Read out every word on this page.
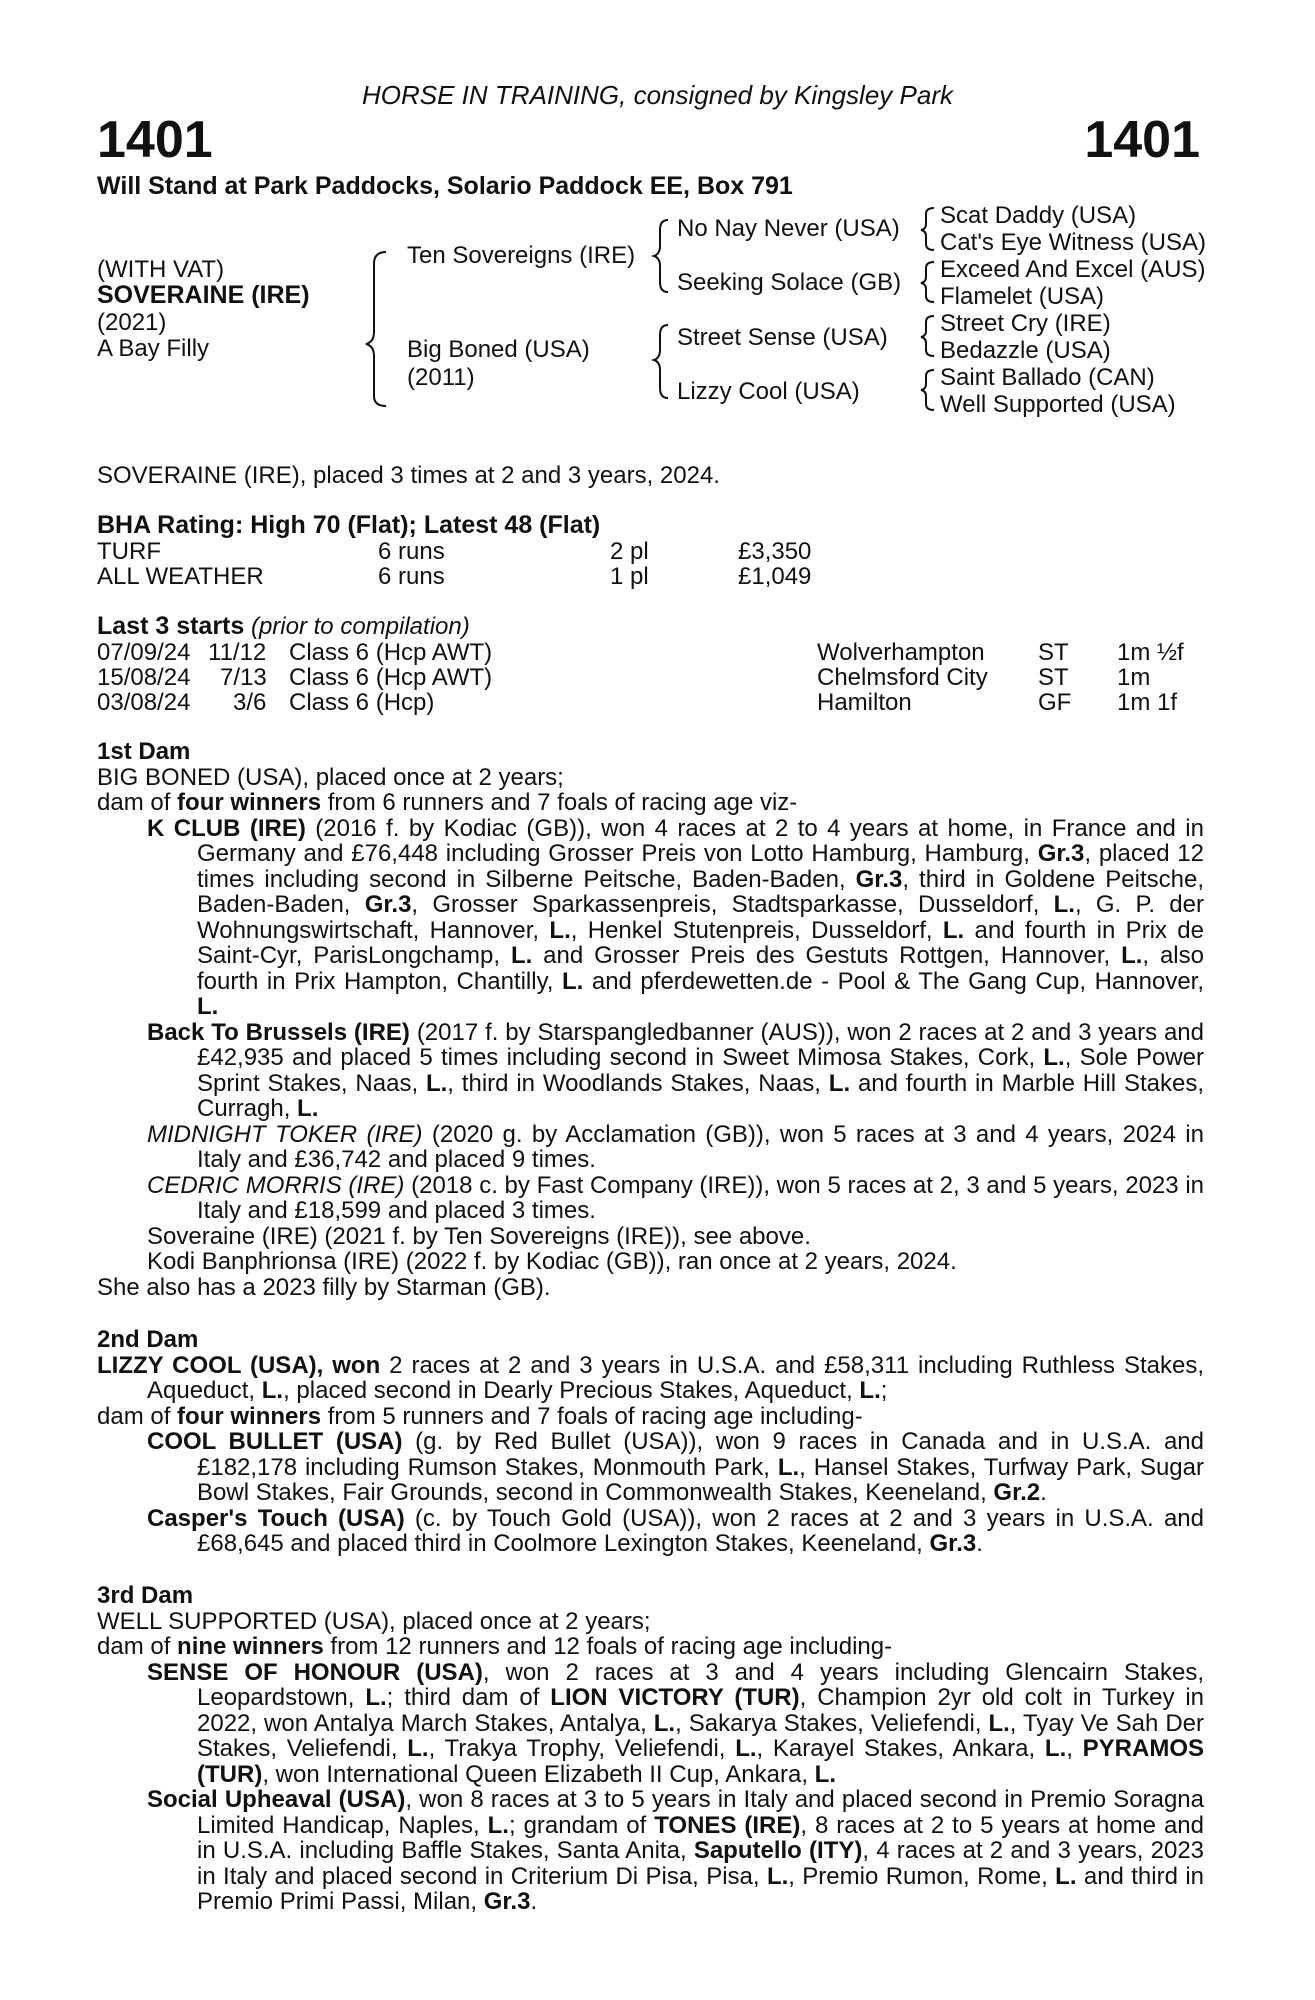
HORSE IN TRAINING, consigned by Kingsley Park
1401	1401
Will Stand at Park Paddocks, Solario Paddock EE, Box 791
(WITH VAT)
SOVERAINE (IRE)
(2021)
A Bay Filly
Ten Sovereigns (IRE)
Big Boned (USA)
(2011)
No Nay Never (USA)
Seeking Solace (GB)
Street Sense (USA)
Lizzy Cool (USA)
Scat Daddy (USA)
Cat's Eye Witness (USA)
Exceed And Excel (AUS)
Flamelet (USA)
Street Cry (IRE)
Bedazzle (USA)
Saint Ballado (CAN)
Well Supported (USA)
SOVERAINE (IRE), placed 3 times at 2 and 3 years, 2024.
BHA Rating: High 70 (Flat); Latest 48 (Flat)
TURF	6 runs	2 pl	£3,350
ALL WEATHER	6 runs	1 pl	£1,049
Last 3 starts (prior to compilation)
07/09/24 11/12 Class 6 (Hcp AWT)	Wolverhampton ST 1m ½f
15/08/24 7/13 Class 6 (Hcp AWT)	Chelmsford City ST 1m
03/08/24 3/6 Class 6 (Hcp)	Hamilton	GF 1m 1f

1st Dam

BIG BONED (USA), placed once at 2 years;

dam of four winners from 6 runners and 7 foals of racing age viz-

K CLUB (IRE) (2016 f. by Kodiac (GB)), won 4 races at 2 to 4 years at home, in France and in Germany and £76,448 including Grosser Preis von Lotto Hamburg, Hamburg, Gr.3, placed 12 times including second in Silberne Peitsche, Baden-Baden, Gr.3, third in Goldene Peitsche, Baden-Baden, Gr.3, Grosser Sparkassenpreis, Stadtsparkasse, Dusseldorf, L., G. P. der Wohnungswirtschaft, Hannover, L., Henkel Stutenpreis, Dusseldorf, L. and fourth in Prix de Saint-Cyr, ParisLongchamp, L. and Grosser Preis des Gestuts Rottgen, Hannover, L., also fourth in Prix Hampton, Chantilly, L. and pferdewetten.de - Pool & The Gang Cup, Hannover, L.

Back To Brussels (IRE) (2017 f. by Starspangledbanner (AUS)), won 2 races at 2 and 3 years and £42,935 and placed 5 times including second in Sweet Mimosa Stakes, Cork, L., Sole Power Sprint Stakes, Naas, L., third in Woodlands Stakes, Naas, L. and fourth in Marble Hill Stakes, Curragh, L.

MIDNIGHT TOKER (IRE) (2020 g. by Acclamation (GB)), won 5 races at 3 and 4 years, 2024 in Italy and £36,742 and placed 9 times.

CEDRIC MORRIS (IRE) (2018 c. by Fast Company (IRE)), won 5 races at 2, 3 and 5 years, 2023 in Italy and £18,599 and placed 3 times.

Soveraine (IRE) (2021 f. by Ten Sovereigns (IRE)), see above.

Kodi Banphrionsa (IRE) (2022 f. by Kodiac (GB)), ran once at 2 years, 2024.

She also has a 2023 filly by Starman (GB).

2nd Dam

LIZZY COOL (USA), won 2 races at 2 and 3 years in U.S.A. and £58,311 including Ruthless Stakes, Aqueduct, L., placed second in Dearly Precious Stakes, Aqueduct, L.;

dam of four winners from 5 runners and 7 foals of racing age including-

COOL BULLET (USA) (g. by Red Bullet (USA)), won 9 races in Canada and in U.S.A. and £182,178 including Rumson Stakes, Monmouth Park, L., Hansel Stakes, Turfway Park, Sugar Bowl Stakes, Fair Grounds, second in Commonwealth Stakes, Keeneland, Gr.2.

Casper's Touch (USA) (c. by Touch Gold (USA)), won 2 races at 2 and 3 years in U.S.A. and £68,645 and placed third in Coolmore Lexington Stakes, Keeneland, Gr.3.

3rd Dam

WELL SUPPORTED (USA), placed once at 2 years;

dam of nine winners from 12 runners and 12 foals of racing age including-

SENSE OF HONOUR (USA), won 2 races at 3 and 4 years including Glencairn Stakes, Leopardstown, L.; third dam of LION VICTORY (TUR), Champion 2yr old colt in Turkey in 2022, won Antalya March Stakes, Antalya, L., Sakarya Stakes, Veliefendi, L., Tyay Ve Sah Der Stakes, Veliefendi, L., Trakya Trophy, Veliefendi, L., Karayel Stakes, Ankara, L., PYRAMOS (TUR), won International Queen Elizabeth II Cup, Ankara, L.

Social Upheaval (USA), won 8 races at 3 to 5 years in Italy and placed second in Premio Soragna Limited Handicap, Naples, L.; grandam of TONES (IRE), 8 races at 2 to 5 years at home and in U.S.A. including Baffle Stakes, Santa Anita, Saputello (ITY), 4 races at 2 and 3 years, 2023 in Italy and placed second in Criterium Di Pisa, Pisa, L., Premio Rumon, Rome, L. and third in Premio Primi Passi, Milan, Gr.3.
